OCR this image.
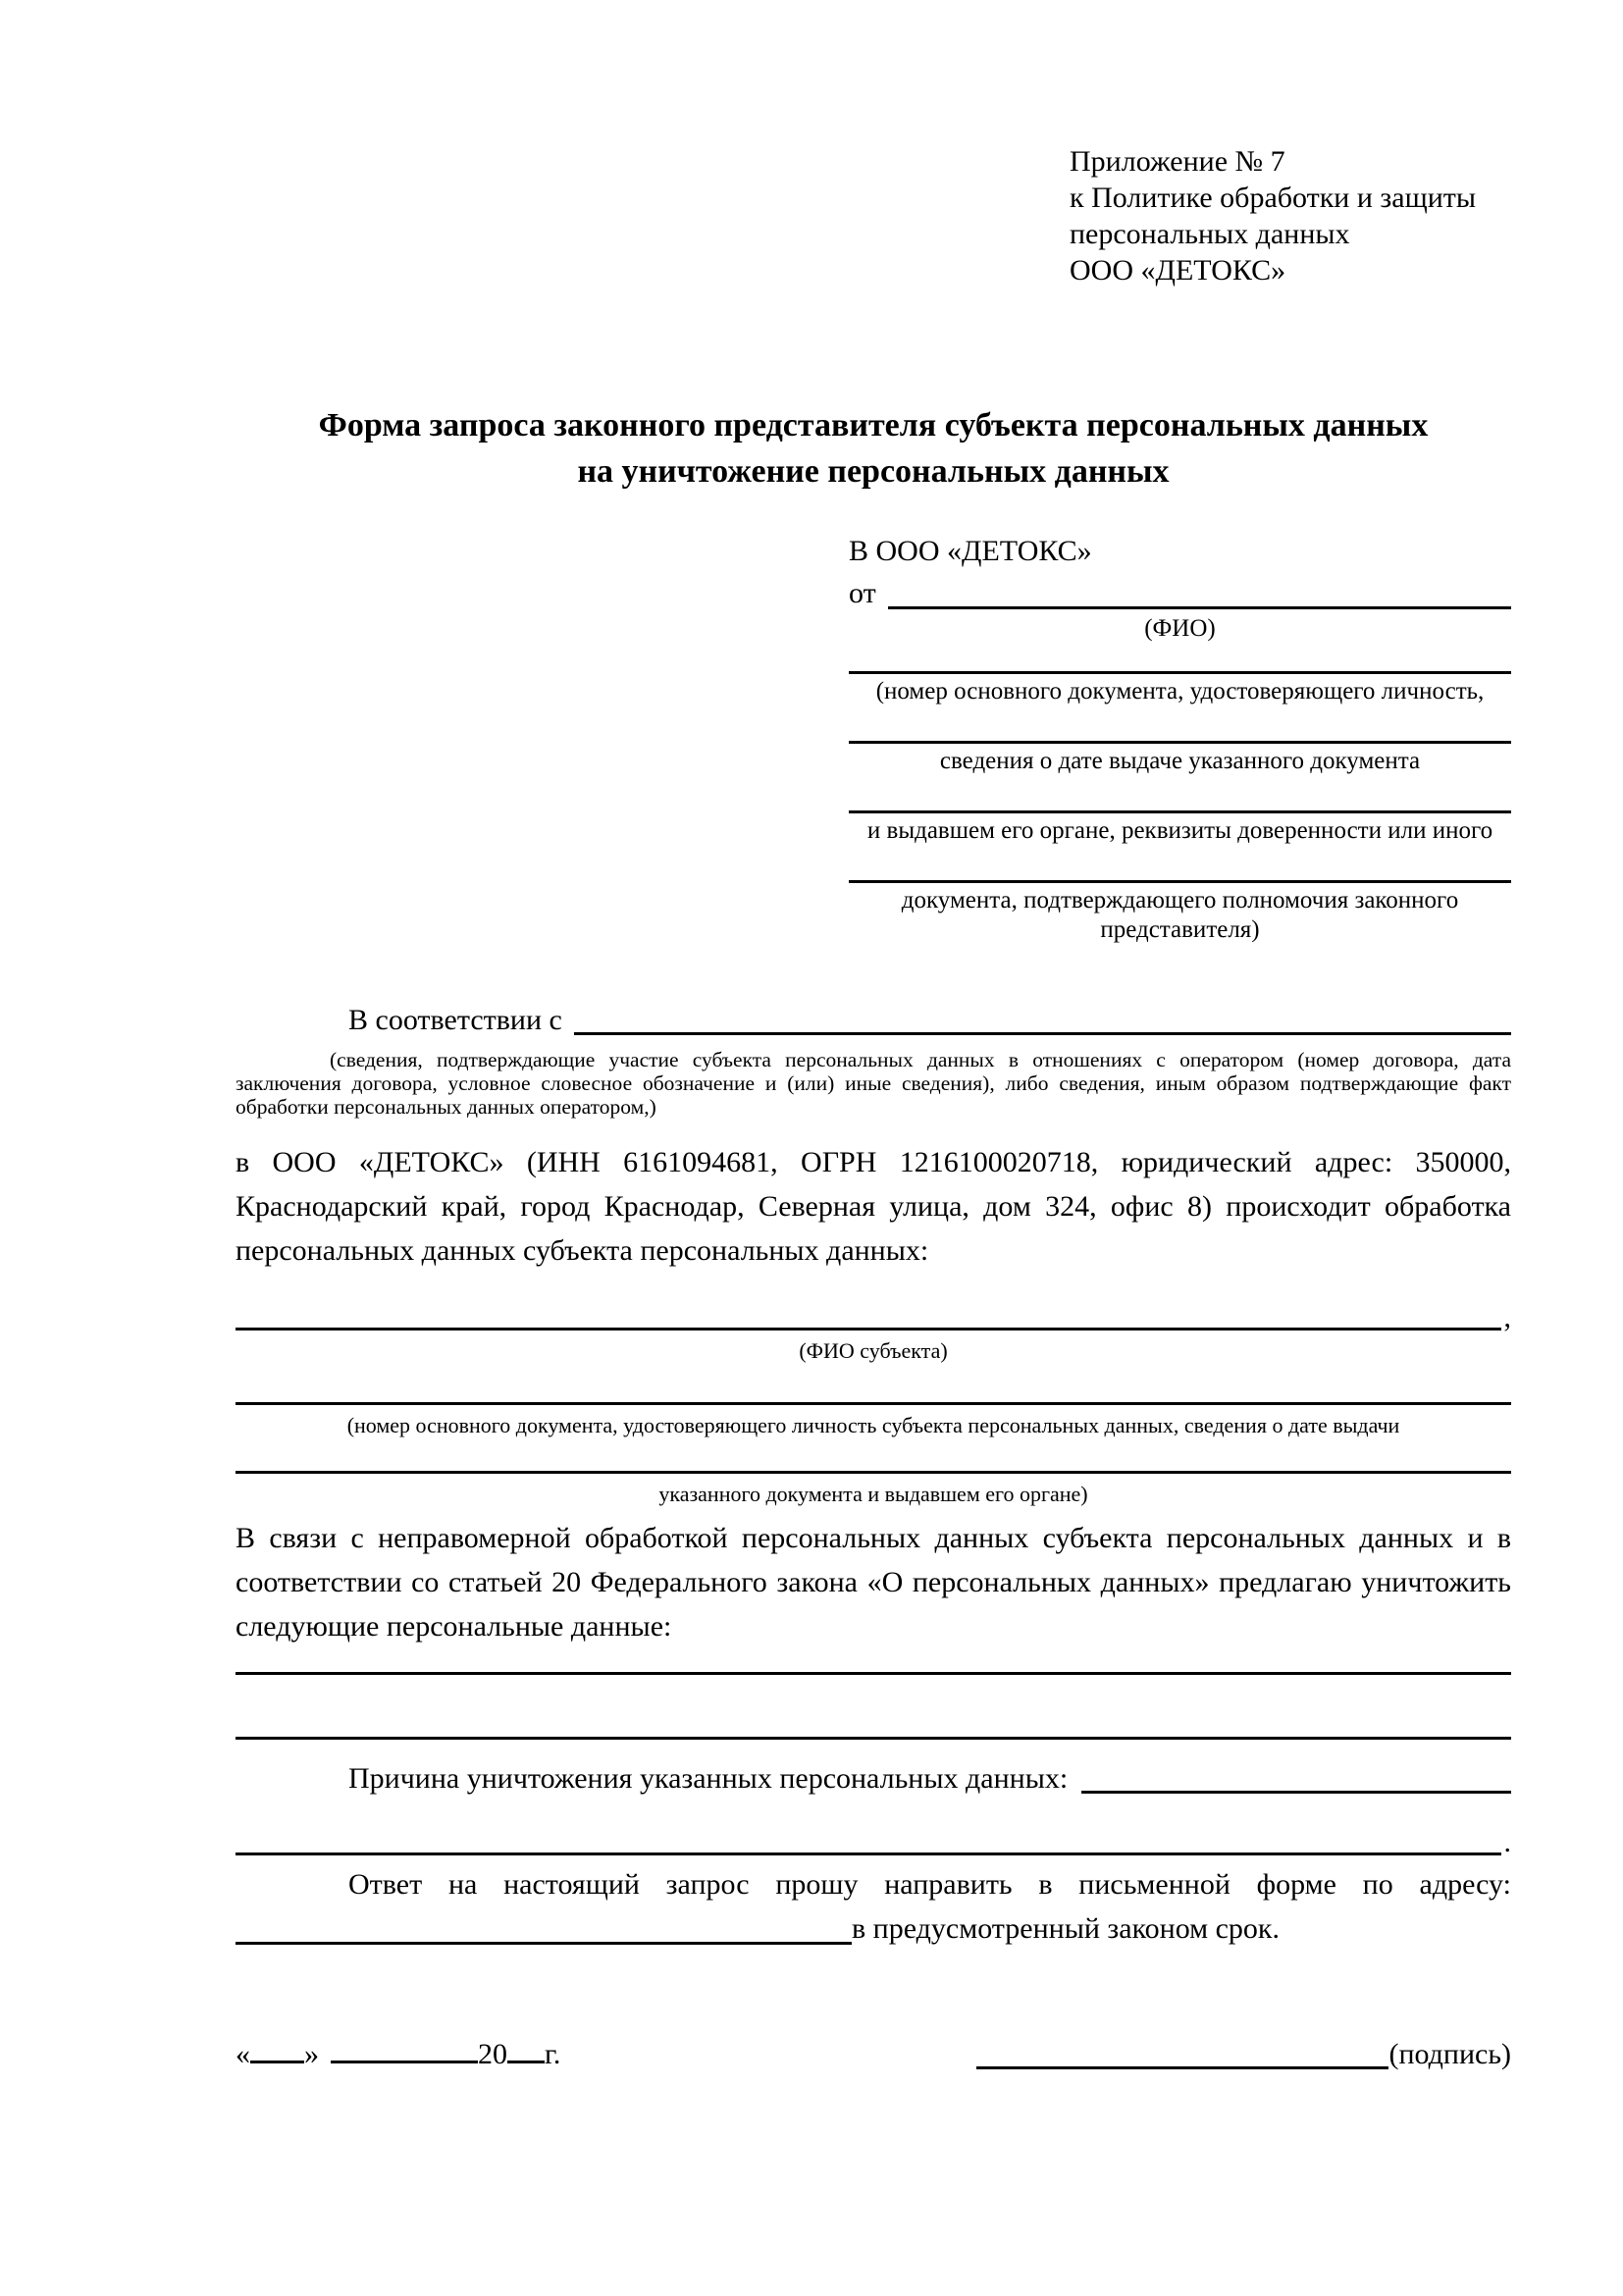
Приложение № 7
к Политике обработки и защиты
персональных данных
ООО «ДЕТОКС»
Форма запроса законного представителя субъекта персональных данных
на уничтожение персональных данных
В ООО «ДЕТОКС»
от
(ФИО)
(номер основного документа, удостоверяющего личность,
сведения о дате выдаче указанного документа
и выдавшем его органе, реквизиты доверенности или иного
документа, подтверждающего полномочия законного представителя)
В соответствии с

(сведения, подтверждающие участие субъекта персональных данных в отношениях с оператором (номер договора, дата заключения договора, условное словесное обозначение и (или) иные сведения), либо сведения, иным образом подтверждающие факт обработки персональных данных оператором,)

в ООО «ДЕТОКС» (ИНН 6161094681, ОГРН 1216100020718, юридический адрес: 350000, Краснодарский край, город Краснодар, Северная улица, дом 324, офис 8) происходит обработка персональных данных субъекта персональных данных:

,
(ФИО субъекта)
(номер основного документа, удостоверяющего личность субъекта персональных данных, сведения о дате выдачи
указанного документа и выдавшем его органе)

В связи с неправомерной обработкой персональных данных субъекта персональных данных и в соответствии со статьей 20 Федерального закона «О персональных данных» предлагаю уничтожить следующие персональные данные:

Причина уничтожения указанных персональных данных:
.

Ответ на настоящий запрос прошу направить в письменной форме по адресу:

в предусмотренный законом срок.
« »	20 г.	(подпись)
